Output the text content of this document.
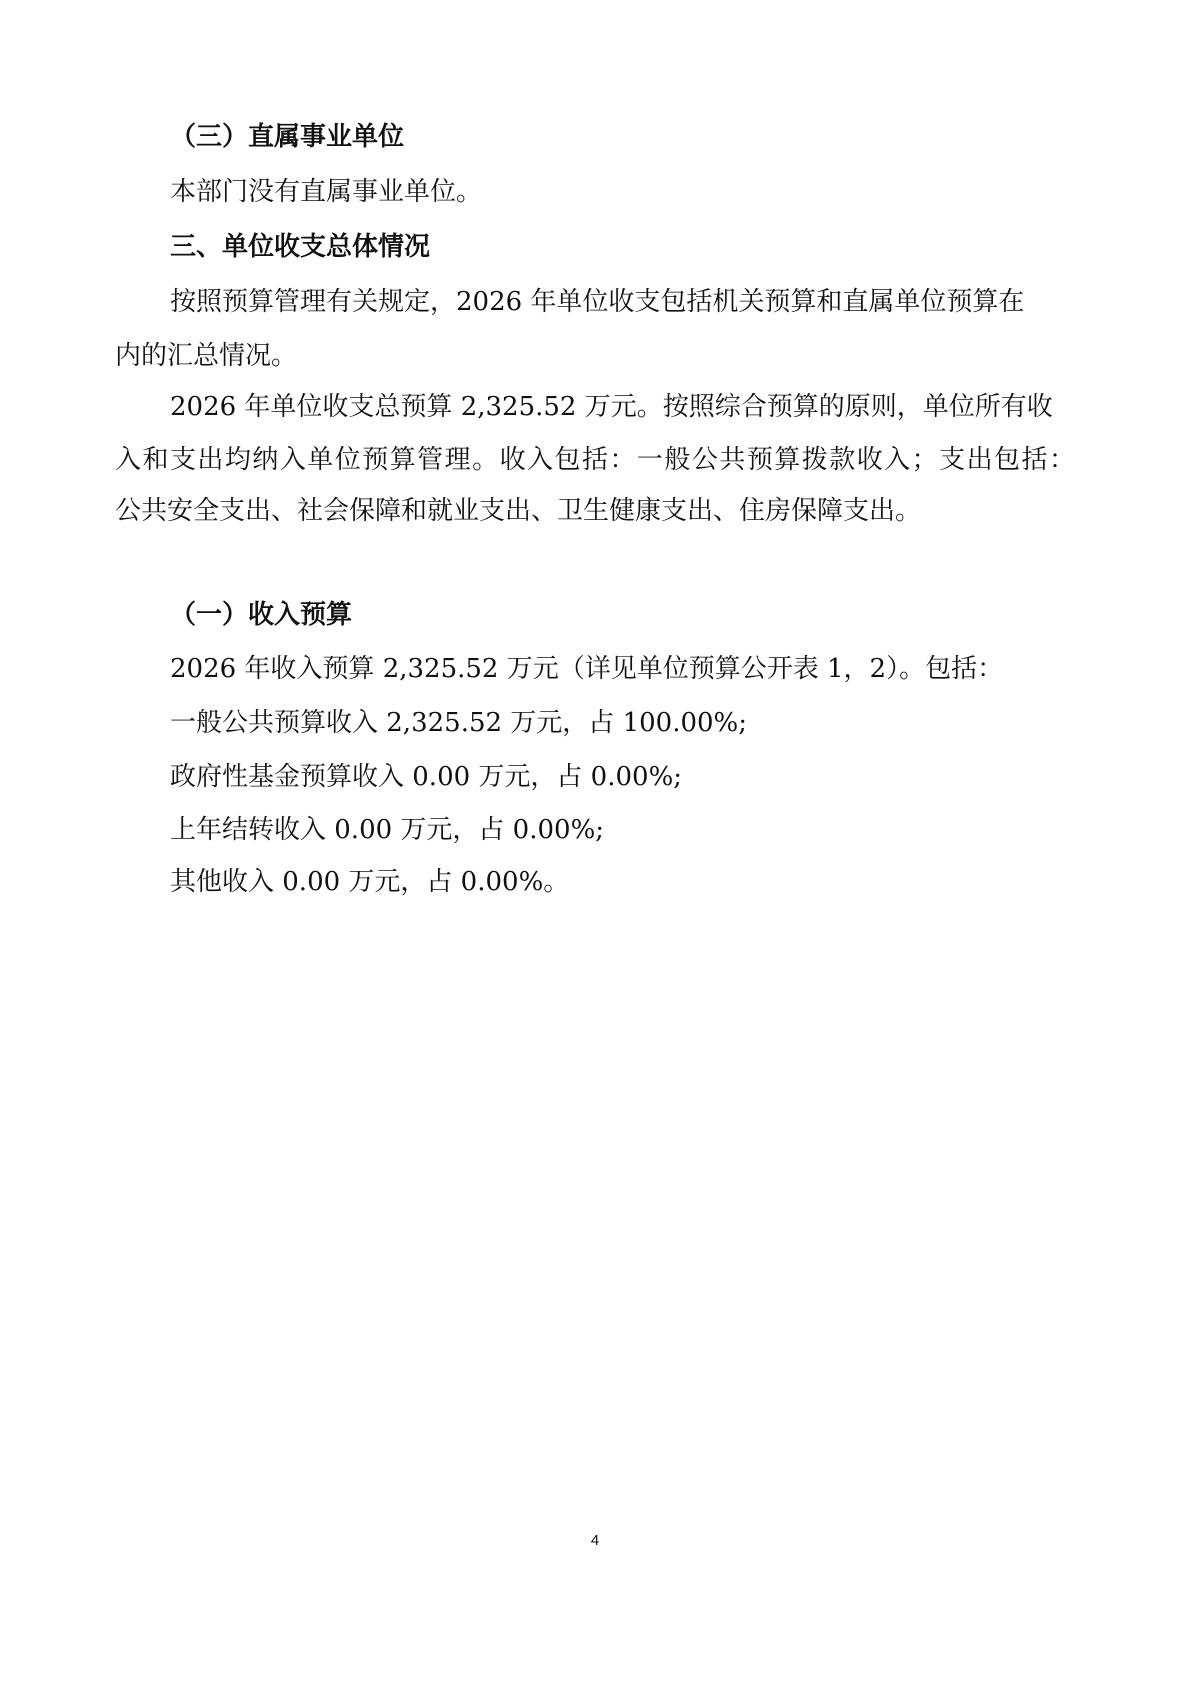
（三）直属事业单位
本部门没有直属事业单位。
三、单位收支总体情况
按照预算管理有关规定，2026 年单位收支包括机关预算和直属单位预算在
内的汇总情况。
2026 年单位收支总预算 2,325.52 万元。按照综合预算的原则，单位所有收
入和支出均纳入单位预算管理。收入包括：一般公共预算拨款收入；支出包括：
公共安全支出、社会保障和就业支出、卫生健康支出、住房保障支出。
（一）收入预算
2026 年收入预算 2,325.52 万元（详见单位预算公开表 1，2）。包括：
一般公共预算收入 2,325.52 万元，占 100.00%;
政府性基金预算收入 0.00 万元，占 0.00%;
上年结转收入 0.00 万元，占 0.00%;
其他收入 0.00 万元，占 0.00%。
4
